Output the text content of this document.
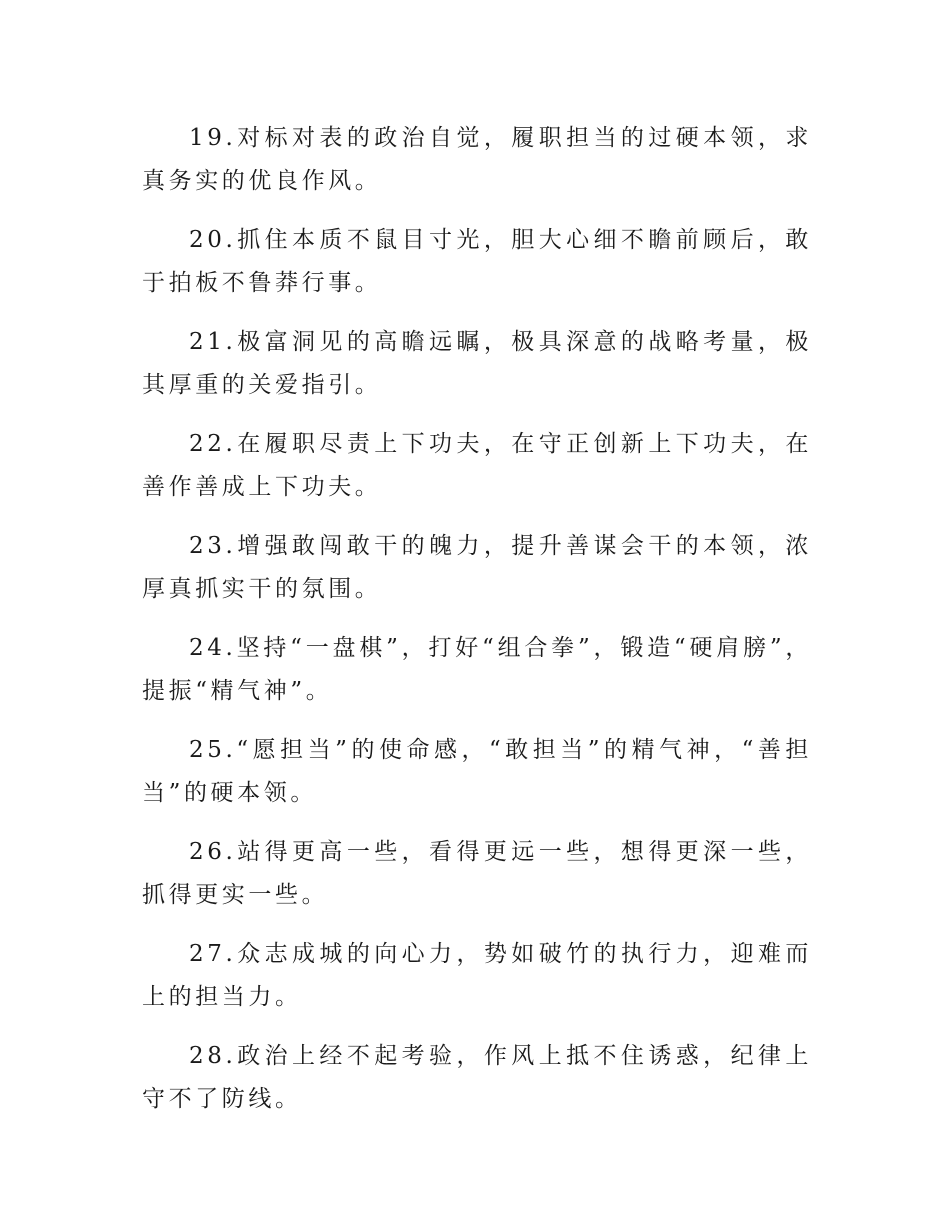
19.对标对表的政治自觉，履职担当的过硬本领，求真务实的优良作风。

20.抓住本质不鼠目寸光，胆大心细不瞻前顾后，敢于拍板不鲁莽行事。

21.极富洞见的高瞻远瞩，极具深意的战略考量，极其厚重的关爱指引。

22.在履职尽责上下功夫，在守正创新上下功夫，在善作善成上下功夫。

23.增强敢闯敢干的魄力，提升善谋会干的本领，浓厚真抓实干的氛围。

24.坚持“一盘棋”，打好“组合拳”，锻造“硬肩膀”，提振“精气神”。

25.“愿担当”的使命感，“敢担当”的精气神，“善担当”的硬本领。

26.站得更高一些，看得更远一些，想得更深一些，抓得更实一些。

27.众志成城的向心力，势如破竹的执行力，迎难而上的担当力。

28.政治上经不起考验，作风上抵不住诱惑，纪律上守不了防线。
